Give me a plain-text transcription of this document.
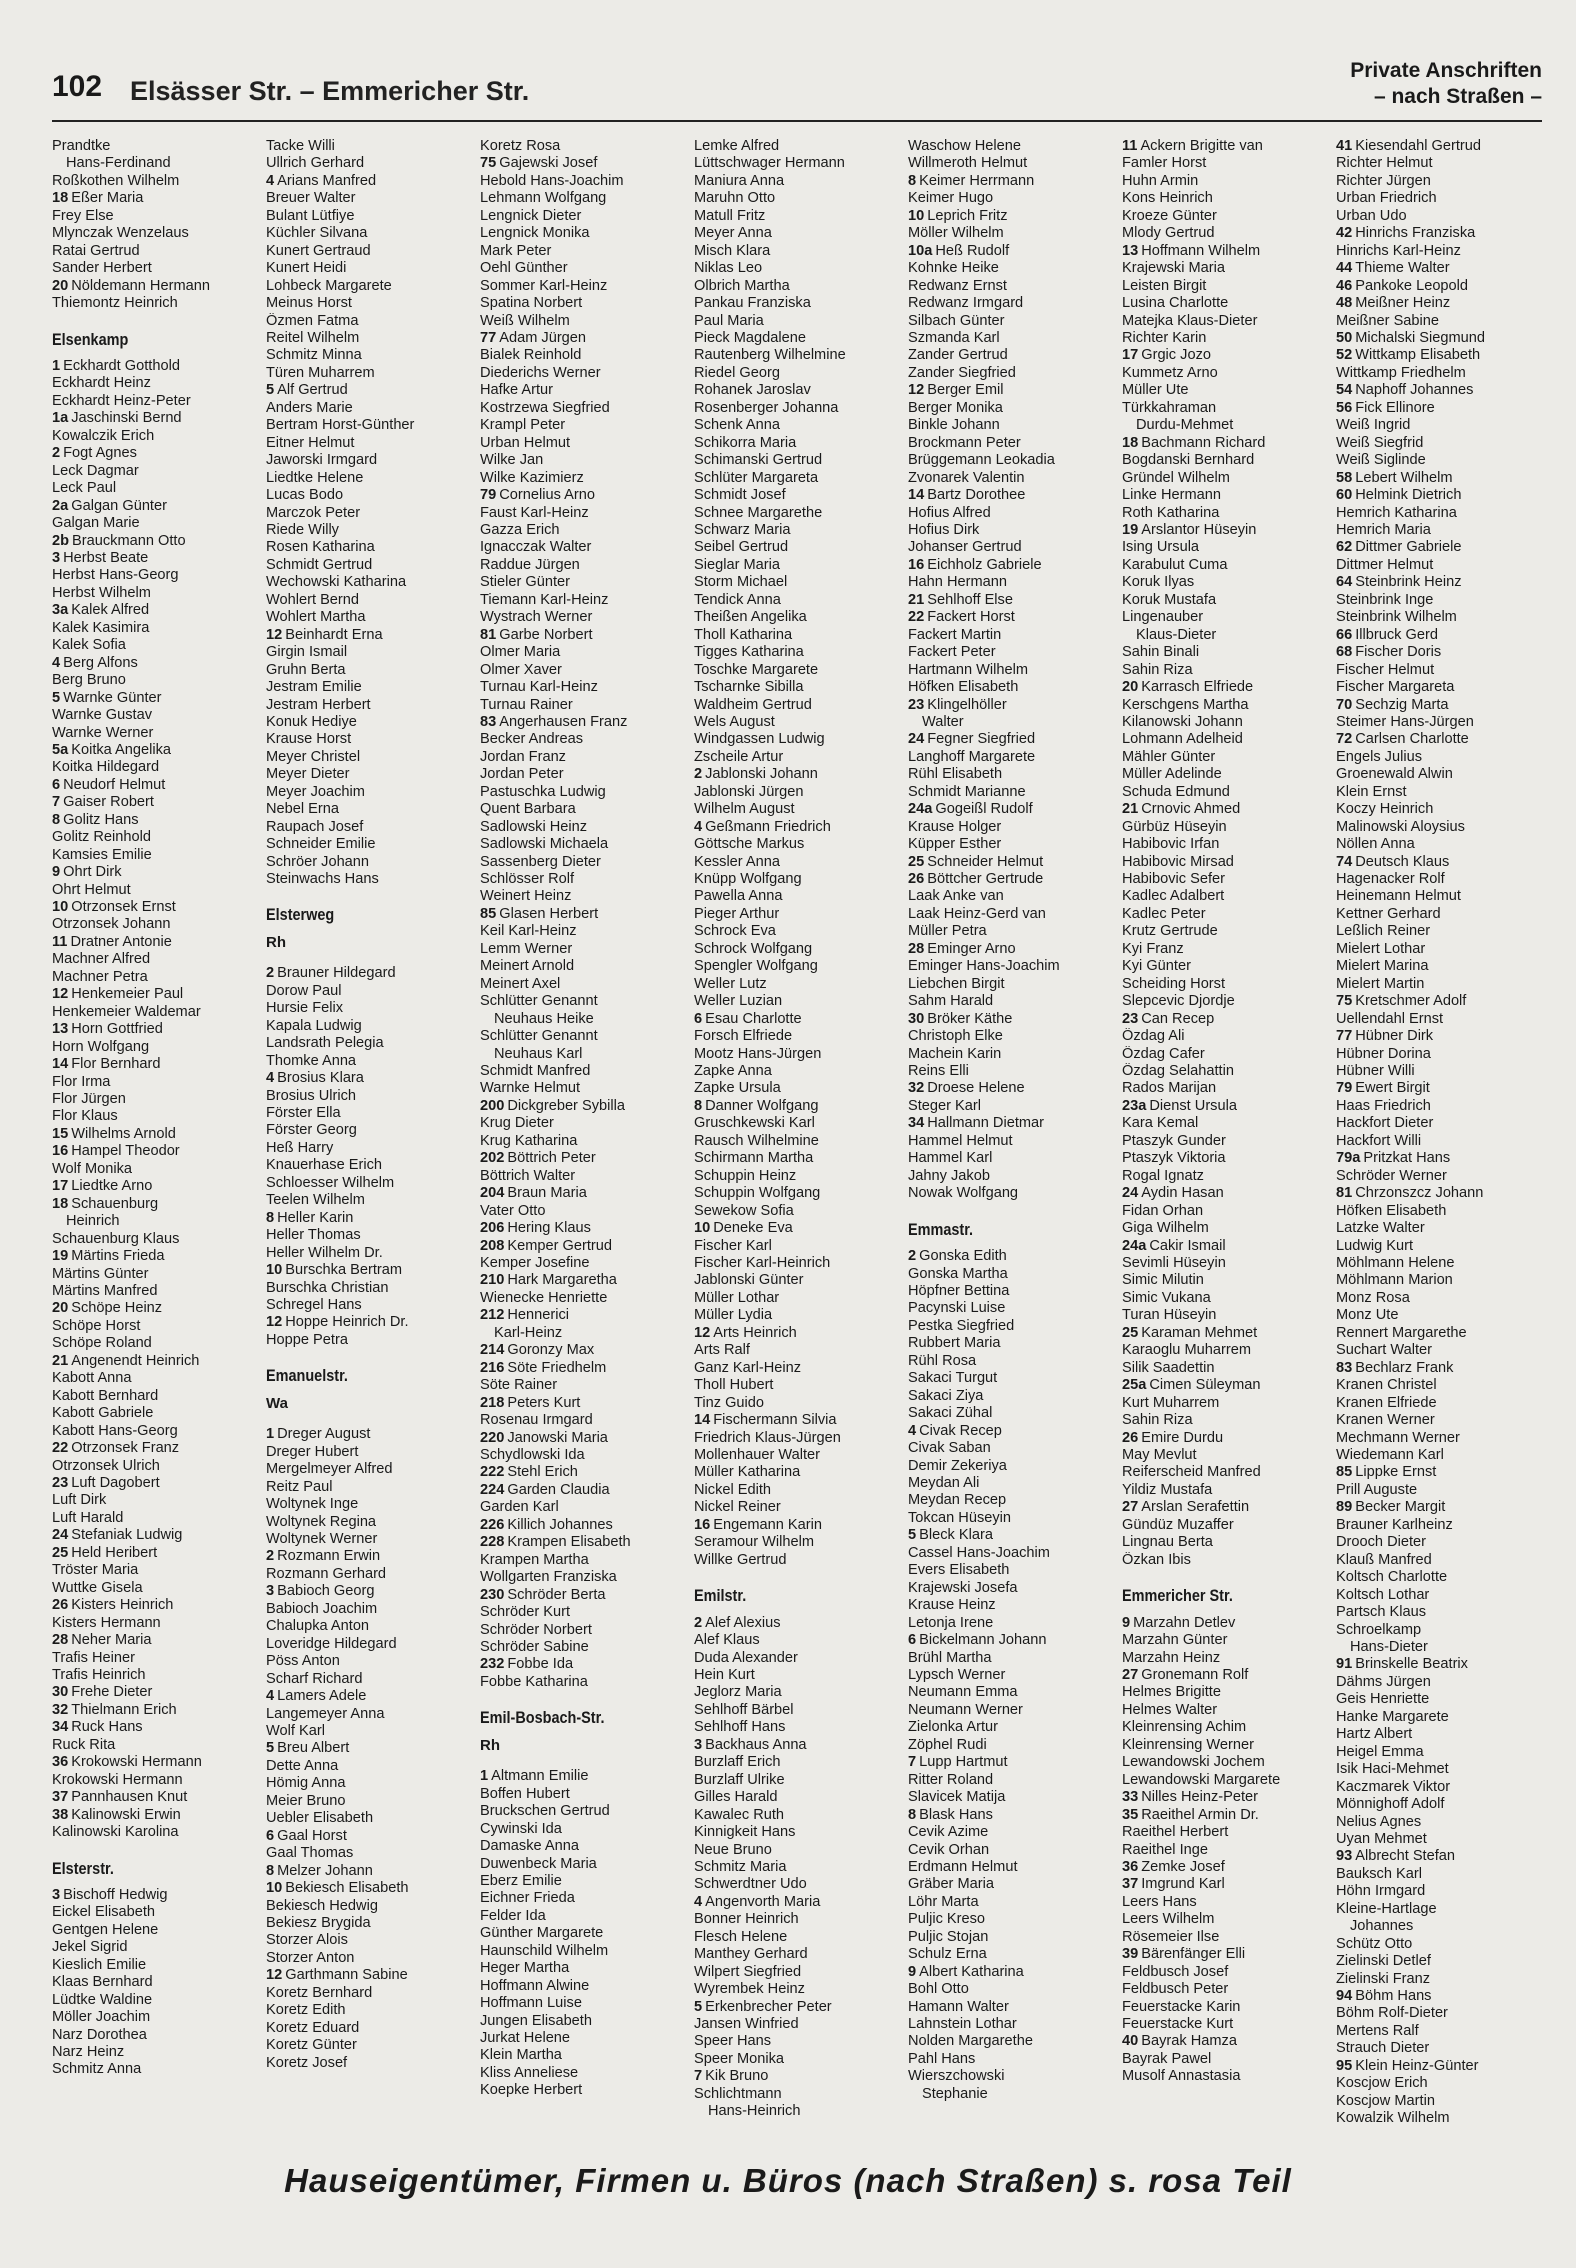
102 Elsässer Str. – Emmericher Str.
Private Anschriften
– nach Straßen –
Prandtke
Hans-Ferdinand
Roßkothen Wilhelm
18 Eßer Maria
Frey Else
Mlynczak Wenzelaus
Ratai Gertrud
Sander Herbert
20 Nöldemann Hermann
Thiemontz Heinrich
Elsenkamp
1 Eckhardt Gotthold
Eckhardt Heinz
Eckhardt Heinz-Peter
1a Jaschinski Bernd
Kowalczik Erich
2 Fogt Agnes
Leck Dagmar
Leck Paul
2a Galgan Günter
Galgan Marie
2b Brauckmann Otto
3 Herbst Beate
Herbst Hans-Georg
Herbst Wilhelm
3a Kalek Alfred
Kalek Kasimira
Kalek Sofia
4 Berg Alfons
Berg Bruno
5 Warnke Günter
Warnke Gustav
Warnke Werner
5a Koitka Angelika
Koitka Hildegard
6 Neudorf Helmut
7 Gaiser Robert
8 Golitz Hans
Golitz Reinhold
Kamsies Emilie
9 Ohrt Dirk
Ohrt Helmut
10 Otrzonsek Ernst
Otrzonsek Johann
11 Dratner Antonie
Machner Alfred
Machner Petra
12 Henkemeier Paul
Henkemeier Waldemar
13 Horn Gottfried
Horn Wolfgang
14 Flor Bernhard
Flor Irma
Flor Jürgen
Flor Klaus
15 Wilhelms Arnold
16 Hampel Theodor
Wolf Monika
17 Liedtke Arno
18 Schauenburg
Heinrich
Schauenburg Klaus
19 Märtins Frieda
Märtins Günter
Märtins Manfred
20 Schöpe Heinz
Schöpe Horst
Schöpe Roland
21 Angenendt Heinrich
Kabott Anna
Kabott Bernhard
Kabott Gabriele
Kabott Hans-Georg
22 Otrzonsek Franz
Otrzonsek Ulrich
23 Luft Dagobert
Luft Dirk
Luft Harald
24 Stefaniak Ludwig
25 Held Heribert
Tröster Maria
Wuttke Gisela
26 Kisters Heinrich
Kisters Hermann
28 Neher Maria
Trafis Heiner
Trafis Heinrich
30 Frehe Dieter
32 Thielmann Erich
34 Ruck Hans
Ruck Rita
36 Krokowski Hermann
Krokowski Hermann
37 Pannhausen Knut
38 Kalinowski Erwin
Kalinowski Karolina
Elsterstr.
3 Bischoff Hedwig
Eickel Elisabeth
Gentgen Helene
Jekel Sigrid
Kieslich Emilie
Klaas Bernhard
Lüdtke Waldine
Möller Joachim
Narz Dorothea
Narz Heinz
Schmitz Anna
Tacke Willi
Ullrich Gerhard
4 Arians Manfred
Breuer Walter
Bulant Lütfiye
Küchler Silvana
Kunert Gertraud
Kunert Heidi
Lohbeck Margarete
Meinus Horst
Özmen Fatma
Reitel Wilhelm
Schmitz Minna
Türen Muharrem
5 Alf Gertrud
Anders Marie
Bertram Horst-Günther
Eitner Helmut
Jaworski Irmgard
Liedtke Helene
Lucas Bodo
Marczok Peter
Riede Willy
Rosen Katharina
Schmidt Gertrud
Wechowski Katharina
Wohlert Bernd
Wohlert Martha
12 Beinhardt Erna
Girgin Ismail
Gruhn Berta
Jestram Emilie
Jestram Herbert
Konuk Hediye
Krause Horst
Meyer Christel
Meyer Dieter
Meyer Joachim
Nebel Erna
Raupach Josef
Schneider Emilie
Schröer Johann
Steinwachs Hans
Elsterweg
Rh
2 Brauner Hildegard
Dorow Paul
Hursie Felix
Kapala Ludwig
Landsrath Pelegia
Thomke Anna
4 Brosius Klara
Brosius Ulrich
Förster Ella
Förster Georg
Heß Harry
Knauerhase Erich
Schloesser Wilhelm
Teelen Wilhelm
8 Heller Karin
Heller Thomas
Heller Wilhelm Dr.
10 Burschka Bertram
Burschka Christian
Schregel Hans
12 Hoppe Heinrich Dr.
Hoppe Petra
Emanuelstr.
Wa
1 Dreger August
Dreger Hubert
Mergelmeyer Alfred
Reitz Paul
Woltynek Inge
Woltynek Regina
Woltynek Werner
2 Rozmann Erwin
Rozmann Gerhard
3 Babioch Georg
Babioch Joachim
Chalupka Anton
Loveridge Hildegard
Pöss Anton
Scharf Richard
4 Lamers Adele
Langemeyer Anna
Wolf Karl
5 Breu Albert
Dette Anna
Hömig Anna
Meier Bruno
Uebler Elisabeth
6 Gaal Horst
Gaal Thomas
8 Melzer Johann
10 Bekiesch Elisabeth
Bekiesch Hedwig
Bekiesz Brygida
Storzer Alois
Storzer Anton
12 Garthmann Sabine
Koretz Bernhard
Koretz Edith
Koretz Eduard
Koretz Günter
Koretz Josef
Koretz Rosa
75 Gajewski Josef
Hebold Hans-Joachim
Lehmann Wolfgang
Lengnick Dieter
Lengnick Monika
Mark Peter
Oehl Günther
Sommer Karl-Heinz
Spatina Norbert
Weiß Wilhelm
77 Adam Jürgen
Bialek Reinhold
Diederichs Werner
Hafke Artur
Kostrzewa Siegfried
Krampl Peter
Urban Helmut
Wilke Jan
Wilke Kazimierz
79 Cornelius Arno
Faust Karl-Heinz
Gazza Erich
Ignacczak Walter
Raddue Jürgen
Stieler Günter
Tiemann Karl-Heinz
Wystrach Werner
81 Garbe Norbert
Olmer Maria
Olmer Xaver
Turnau Karl-Heinz
Turnau Rainer
83 Angerhausen Franz
Becker Andreas
Jordan Franz
Jordan Peter
Pastuschka Ludwig
Quent Barbara
Sadlowski Heinz
Sadlowski Michaela
Sassenberg Dieter
Schlösser Rolf
Weinert Heinz
85 Glasen Herbert
Keil Karl-Heinz
Lemm Werner
Meinert Arnold
Meinert Axel
Schlütter Genannt
Neuhaus Heike
Schlütter Genannt
Neuhaus Karl
Schmidt Manfred
Warnke Helmut
200 Dickgreber Sybilla
Krug Dieter
Krug Katharina
202 Böttrich Peter
Böttrich Walter
204 Braun Maria
Vater Otto
206 Hering Klaus
208 Kemper Gertrud
Kemper Josefine
210 Hark Margaretha
Wienecke Henriette
212 Hennerici
Karl-Heinz
214 Goronzy Max
216 Söte Friedhelm
Söte Rainer
218 Peters Kurt
Rosenau Irmgard
220 Janowski Maria
Schydlowski Ida
222 Stehl Erich
224 Garden Claudia
Garden Karl
226 Killich Johannes
228 Krampen Elisabeth
Krampen Martha
Wollgarten Franziska
230 Schröder Berta
Schröder Kurt
Schröder Norbert
Schröder Sabine
232 Fobbe Ida
Fobbe Katharina
Emil-Bosbach-Str.
Rh
1 Altmann Emilie
Boffen Hubert
Bruckschen Gertrud
Cywinski Ida
Damaske Anna
Duwenbeck Maria
Eberz Emilie
Eichner Frieda
Felder Ida
Günther Margarete
Haunschild Wilhelm
Heger Martha
Hoffmann Alwine
Hoffmann Luise
Jungen Elisabeth
Jurkat Helene
Klein Martha
Kliss Anneliese
Koepke Herbert
Lemke Alfred
Lüttschwager Hermann
Maniura Anna
Maruhn Otto
Matull Fritz
Meyer Anna
Misch Klara
Niklas Leo
Olbrich Martha
Pankau Franziska
Paul Maria
Pieck Magdalene
Rautenberg Wilhelmine
Riedel Georg
Rohanek Jaroslav
Rosenberger Johanna
Schenk Anna
Schikorra Maria
Schimanski Gertrud
Schlüter Margareta
Schmidt Josef
Schnee Margarethe
Schwarz Maria
Seibel Gertrud
Sieglar Maria
Storm Michael
Tendick Anna
Theißen Angelika
Tholl Katharina
Tigges Katharina
Toschke Margarete
Tscharnke Sibilla
Waldheim Gertrud
Wels August
Windgassen Ludwig
Zscheile Artur
2 Jablonski Johann
Jablonski Jürgen
Wilhelm August
4 Geßmann Friedrich
Göttsche Markus
Kessler Anna
Knüpp Wolfgang
Pawella Anna
Pieger Arthur
Schrock Eva
Schrock Wolfgang
Spengler Wolfgang
Weller Lutz
Weller Luzian
6 Esau Charlotte
Forsch Elfriede
Mootz Hans-Jürgen
Zapke Anna
Zapke Ursula
8 Danner Wolfgang
Gruschkewski Karl
Rausch Wilhelmine
Schirmann Martha
Schuppin Heinz
Schuppin Wolfgang
Sewekow Sofia
10 Deneke Eva
Fischer Karl
Fischer Karl-Heinrich
Jablonski Günter
Müller Lothar
Müller Lydia
12 Arts Heinrich
Arts Ralf
Ganz Karl-Heinz
Tholl Hubert
Tinz Guido
14 Fischermann Silvia
Friedrich Klaus-Jürgen
Mollenhauer Walter
Müller Katharina
Nickel Edith
Nickel Reiner
16 Engemann Karin
Seramour Wilhelm
Willke Gertrud
Emilstr.
2 Alef Alexius
Alef Klaus
Duda Alexander
Hein Kurt
Jeglorz Maria
Sehlhoff Bärbel
Sehlhoff Hans
3 Backhaus Anna
Burzlaff Erich
Burzlaff Ulrike
Gilles Harald
Kawalec Ruth
Kinnigkeit Hans
Neue Bruno
Schmitz Maria
Schwerdtner Udo
4 Angenvorth Maria
Bonner Heinrich
Flesch Helene
Manthey Gerhard
Wilpert Siegfried
Wyrembek Heinz
5 Erkenbrecher Peter
Jansen Winfried
Speer Hans
Speer Monika
7 Kik Bruno
Schlichtmann
Hans-Heinrich
Waschow Helene
Willmeroth Helmut
8 Keimer Herrmann
Keimer Hugo
10 Leprich Fritz
Möller Wilhelm
10a Heß Rudolf
Kohnke Heike
Redwanz Ernst
Redwanz Irmgard
Silbach Günter
Szmanda Karl
Zander Gertrud
Zander Siegfried
12 Berger Emil
Berger Monika
Binkle Johann
Brockmann Peter
Brüggemann Leokadia
Zvonarek Valentin
14 Bartz Dorothee
Hofius Alfred
Hofius Dirk
Johanser Gertrud
16 Eichholz Gabriele
Hahn Hermann
21 Sehlhoff Else
22 Fackert Horst
Fackert Martin
Fackert Peter
Hartmann Wilhelm
Höfken Elisabeth
23 Klingelhöller
Walter
24 Fegner Siegfried
Langhoff Margarete
Rühl Elisabeth
Schmidt Marianne
24a Gogeißl Rudolf
Krause Holger
Küpper Esther
25 Schneider Helmut
26 Böttcher Gertrude
Laak Anke van
Laak Heinz-Gerd van
Müller Petra
28 Eminger Arno
Eminger Hans-Joachim
Liebchen Birgit
Sahm Harald
30 Bröker Käthe
Christoph Elke
Machein Karin
Reins Elli
32 Droese Helene
Steger Karl
34 Hallmann Dietmar
Hammel Helmut
Hammel Karl
Jahny Jakob
Nowak Wolfgang
Emmastr.
2 Gonska Edith
Gonska Martha
Höpfner Bettina
Pacynski Luise
Pestka Siegfried
Rubbert Maria
Rühl Rosa
Sakaci Turgut
Sakaci Ziya
Sakaci Zühal
4 Civak Recep
Civak Saban
Demir Zekeriya
Meydan Ali
Meydan Recep
Tokcan Hüseyin
5 Bleck Klara
Cassel Hans-Joachim
Evers Elisabeth
Krajewski Josefa
Krause Heinz
Letonja Irene
6 Bickelmann Johann
Brühl Martha
Lypsch Werner
Neumann Emma
Neumann Werner
Zielonka Artur
Zöphel Rudi
7 Lupp Hartmut
Ritter Roland
Slavicek Matija
8 Blask Hans
Cevik Azime
Cevik Orhan
Erdmann Helmut
Gräber Maria
Löhr Marta
Puljic Kreso
Puljic Stojan
Schulz Erna
9 Albert Katharina
Bohl Otto
Hamann Walter
Lahnstein Lothar
Nolden Margarethe
Pahl Hans
Wierszchowski
Stephanie
11 Ackern Brigitte van
Famler Horst
Huhn Armin
Kons Heinrich
Kroeze Günter
Mlody Gertrud
13 Hoffmann Wilhelm
Krajewski Maria
Leisten Birgit
Lusina Charlotte
Matejka Klaus-Dieter
Richter Karin
17 Grgic Jozo
Kummetz Arno
Müller Ute
Türkkahraman
Durdu-Mehmet
18 Bachmann Richard
Bogdanski Bernhard
Gründel Wilhelm
Linke Hermann
Roth Katharina
19 Arslantor Hüseyin
Ising Ursula
Karabulut Cuma
Koruk Ilyas
Koruk Mustafa
Lingenauber
Klaus-Dieter
Sahin Binali
Sahin Riza
20 Karrasch Elfriede
Kerschgens Martha
Kilanowski Johann
Lohmann Adelheid
Mähler Günter
Müller Adelinde
Schuda Edmund
21 Crnovic Ahmed
Gürbüz Hüseyin
Habibovic Irfan
Habibovic Mirsad
Habibovic Sefer
Kadlec Adalbert
Kadlec Peter
Krutz Gertrude
Kyi Franz
Kyi Günter
Scheiding Horst
Slepcevic Djordje
23 Can Recep
Özdag Ali
Özdag Cafer
Özdag Selahattin
Rados Marijan
23a Dienst Ursula
Kara Kemal
Ptaszyk Gunder
Ptaszyk Viktoria
Rogal Ignatz
24 Aydin Hasan
Fidan Orhan
Giga Wilhelm
24a Cakir Ismail
Sevimli Hüseyin
Simic Milutin
Simic Vukana
Turan Hüseyin
25 Karaman Mehmet
Karaoglu Muharrem
Silik Saadettin
25a Cimen Süleyman
Kurt Muharrem
Sahin Riza
26 Emire Durdu
May Mevlut
Reiferscheid Manfred
Yildiz Mustafa
27 Arslan Serafettin
Gündüz Muzaffer
Lingnau Berta
Özkan Ibis
Emmericher Str.
9 Marzahn Detlev
Marzahn Günter
Marzahn Heinz
27 Gronemann Rolf
Helmes Brigitte
Helmes Walter
Kleinrensing Achim
Kleinrensing Werner
Lewandowski Jochem
Lewandowski Margarete
33 Nilles Heinz-Peter
35 Raeithel Armin Dr.
Raeithel Herbert
Raeithel Inge
36 Zemke Josef
37 Imgrund Karl
Leers Hans
Leers Wilhelm
Rösemeier Ilse
39 Bärenfänger Elli
Feldbusch Josef
Feldbusch Peter
Feuerstacke Karin
Feuerstacke Kurt
40 Bayrak Hamza
Bayrak Pawel
Musolf Annastasia
41 Kiesendahl Gertrud
Richter Helmut
Richter Jürgen
Urban Friedrich
Urban Udo
42 Hinrichs Franziska
Hinrichs Karl-Heinz
44 Thieme Walter
46 Pankoke Leopold
48 Meißner Heinz
Meißner Sabine
50 Michalski Siegmund
52 Wittkamp Elisabeth
Wittkamp Friedhelm
54 Naphoff Johannes
56 Fick Ellinore
Weiß Ingrid
Weiß Siegfrid
Weiß Siglinde
58 Lebert Wilhelm
60 Helmink Dietrich
Hemrich Katharina
Hemrich Maria
62 Dittmer Gabriele
Dittmer Helmut
64 Steinbrink Heinz
Steinbrink Inge
Steinbrink Wilhelm
66 Illbruck Gerd
68 Fischer Doris
Fischer Helmut
Fischer Margareta
70 Sechzig Marta
Steimer Hans-Jürgen
72 Carlsen Charlotte
Engels Julius
Groenewald Alwin
Klein Ernst
Koczy Heinrich
Malinowski Aloysius
Nöllen Anna
74 Deutsch Klaus
Hagenacker Rolf
Heinemann Helmut
Kettner Gerhard
Leßlich Reiner
Mielert Lothar
Mielert Marina
Mielert Martin
75 Kretschmer Adolf
Uellendahl Ernst
77 Hübner Dirk
Hübner Dorina
Hübner Willi
79 Ewert Birgit
Haas Friedrich
Hackfort Dieter
Hackfort Willi
79a Pritzkat Hans
Schröder Werner
81 Chrzonszcz Johann
Höfken Elisabeth
Latzke Walter
Ludwig Kurt
Möhlmann Helene
Möhlmann Marion
Monz Rosa
Monz Ute
Rennert Margarethe
Suchart Walter
83 Bechlarz Frank
Kranen Christel
Kranen Elfriede
Kranen Werner
Mechmann Werner
Wiedemann Karl
85 Lippke Ernst
Prill Auguste
89 Becker Margit
Brauner Karlheinz
Drooch Dieter
Klauß Manfred
Koltsch Charlotte
Koltsch Lothar
Partsch Klaus
Schroelkamp
Hans-Dieter
91 Brinskelle Beatrix
Dähms Jürgen
Geis Henriette
Hanke Margarete
Hartz Albert
Heigel Emma
Isik Haci-Mehmet
Kaczmarek Viktor
Mönnighoff Adolf
Nelius Agnes
Uyan Mehmet
93 Albrecht Stefan
Bauksch Karl
Höhn Irmgard
Kleine-Hartlage
Johannes
Schütz Otto
Zielinski Detlef
Zielinski Franz
94 Böhm Hans
Böhm Rolf-Dieter
Mertens Ralf
Strauch Dieter
95 Klein Heinz-Günter
Koscjow Erich
Koscjow Martin
Kowalzik Wilhelm
Hauseigentümer, Firmen u. Büros (nach Straßen) s. rosa Teil
